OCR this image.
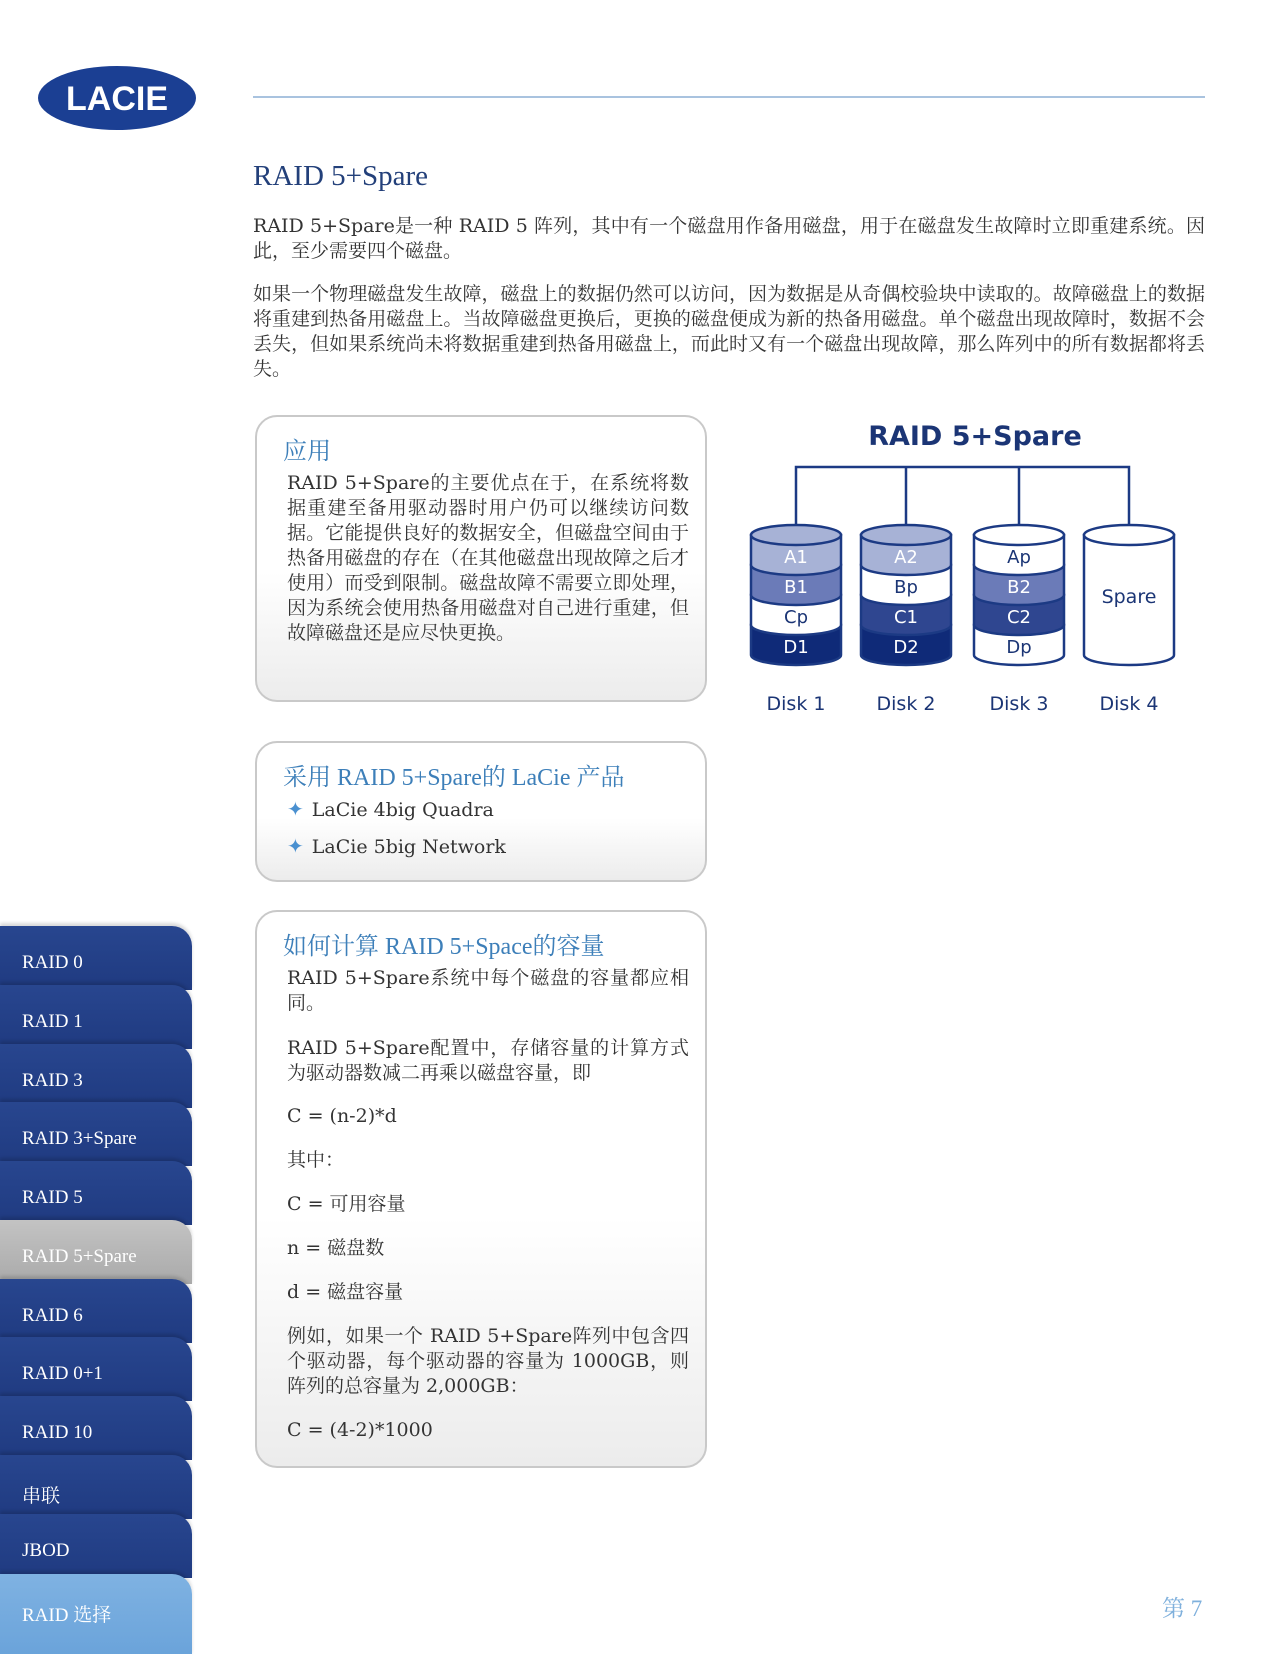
LACIE
RAID 5+Spare

RAID 5+Spare是一种 RAID 5 阵列，其中有一个磁盘用作备用磁盘，用于在磁盘发生故障时立即重建系统。因此，至少需要四个磁盘。

如果一个物理磁盘发生故障，磁盘上的数据仍然可以访问，因为数据是从奇偶校验块中读取的。故障磁盘上的数据将重建到热备用磁盘上。当故障磁盘更换后，更换的磁盘便成为新的热备用磁盘。单个磁盘出现故障时，数据不会丢失，但如果系统尚未将数据重建到热备用磁盘上，而此时又有一个磁盘出现故障，那么阵列中的所有数据都将丢失。

应用

RAID 5+Spare的主要优点在于，在系统将数据重建至备用驱动器时用户仍可以继续访问数据。它能提供良好的数据安全，但磁盘空间由于热备用磁盘的存在（在其他磁盘出现故障之后才使用）而受到限制。磁盘故障不需要立即处理，因为系统会使用热备用磁盘对自己进行重建，但故障磁盘还是应尽快更换。

采用 RAID 5+Spare的 LaCie 产品
✦ LaCie 4big Quadra
✦ LaCie 5big Network
如何计算 RAID 5+Space的容量

RAID 5+Spare系统中每个磁盘的容量都应相同。

RAID 5+Spare配置中，存储容量的计算方式为驱动器数减二再乘以磁盘容量，即

C = (n-2)*d

其中：

C = 可用容量

n = 磁盘数

d = 磁盘容量

例如，如果一个 RAID 5+Spare阵列中包含四个驱动器，每个驱动器的容量为 1000GB，则阵列的总容量为 2,000GB：

C = (4-2)*1000

RAID 0
RAID 1
RAID 3
RAID 3+Spare
RAID 5
RAID 5+Spare
RAID 6
RAID 0+1
RAID 10
串联
JBOD
RAID 选择
RAID 5+Spare
D1
Cp
B1
A1
Disk 1
D2
C1
Bp
A2
Disk 2
Dp
C2
B2
Ap
Disk 3
Spare
Disk 4
第 7
